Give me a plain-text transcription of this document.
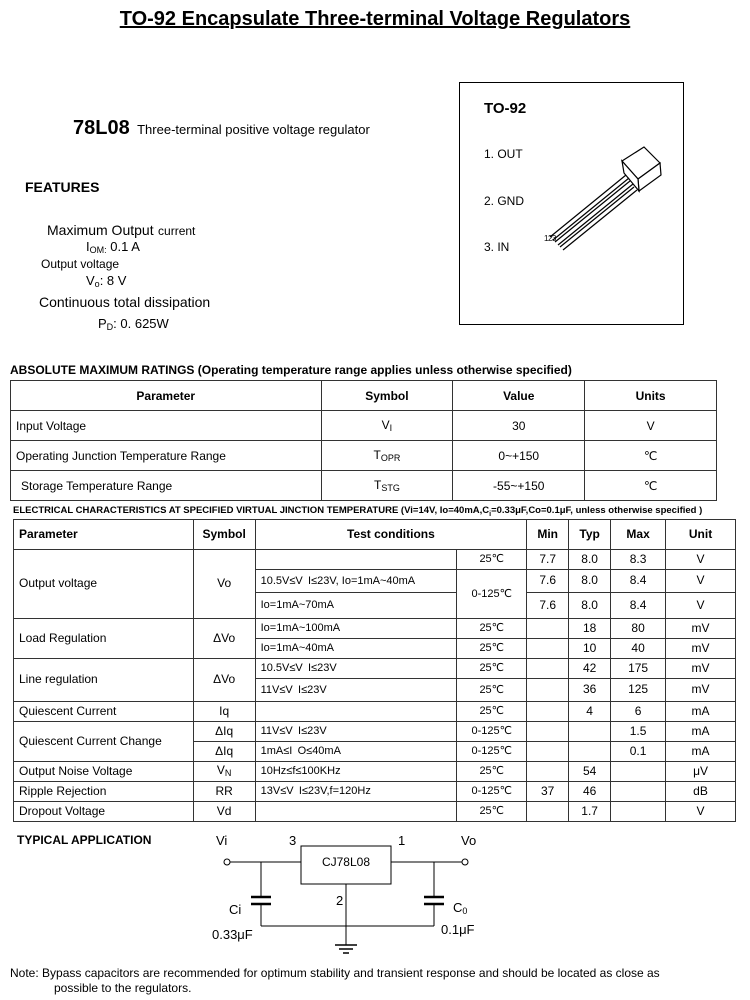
TO-92 Encapsulate Three-terminal Voltage Regulators
78L08 Three-terminal positive voltage regulator
FEATURES
Maximum Output current
$I_{OM:}$ 0.1 A
Output voltage
$V_o$: 8 V
Continuous total dissipation
$P_D$: 0. 625W
TO-92
1. OUT
2. GND
3. IN
123
ABSOLUTE MAXIMUM RATINGS (Operating temperature range applies unless otherwise specified)
Parameter	Symbol	Value	Units
Input Voltage	$V_I$	30	V
Operating Junction Temperature Range	$T_{OPR}$	0~+150	℃
Storage Temperature Range	$T_{STG}$	-55~+150	℃
ELECTRICAL CHARACTERISTICS AT SPECIFIED VIRTUAL JINCTION TEMPERATURE (Vi=14V, $Io=40mA,C_i=0.33\mu F,Co=0.1\mu F$, unless otherwise specified )
Parameter	Symbol	Test conditions		Min	Typ	Max	Unit
Output voltage	Vo		25℃	7.7	8.0	8.3	V
		10.5V≤V  I≤23V, Io=1mA~40mA	0-125℃	7.6	8.0	8.4	V
		Io=1mA~70mA		7.6	8.0	8.4	V
Load Regulation	ΔVo	Io=1mA~100mA	25℃		18	80	mV
		Io=1mA~40mA	25℃		10	40	mV
Line regulation	ΔVo	10.5V≤V  I≤23V	25℃		42	175	mV
		11V≤V  I≤23V	25℃		36	125	mV
Quiescent Current	Iq		25℃		4	6	mA
Quiescent Current Change	ΔIq	11V≤V  I≤23V	0-125℃			1.5	mA
	ΔIq	1mA≤I  O≤40mA	0-125℃			0.1	mA
Output Noise Voltage	$V_N$	10Hz≤f≤100KHz	25℃		54		μV
Ripple Rejection	RR	13V≤V  I≤23V,f=120Hz	0-125℃	37	46		dB
Dropout Voltage	Vd		25℃		1.7		V
TYPICAL APPLICATION	Vi	Vo
3	1
2
CJ78L08
Ci
0.33μF
$C_0$
0.1μF
Note: Bypass capacitors are recommended for optimum stability and transient response and should be located as close as
possible to the regulators.
